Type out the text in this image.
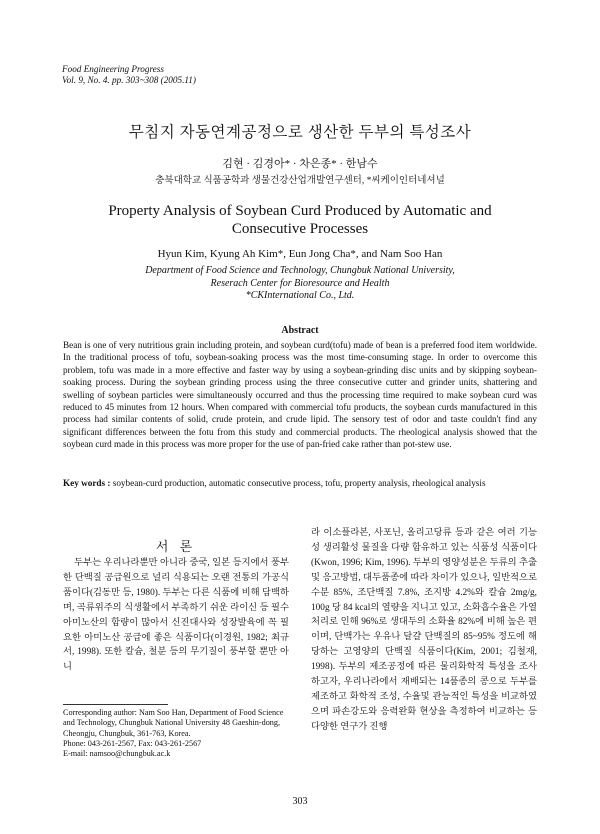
Food Engineering Progress
Vol. 9, No. 4. pp. 303~308 (2005.11)
무침지 자동연계공정으로 생산한 두부의 특성조사
김현 · 김경아* · 차은종* · 한남수
충북대학교 식품공학과 생물건강산업개발연구센터, *씨케이인터네셔널
Property Analysis of Soybean Curd Produced by Automatic and Consecutive Processes
Hyun Kim, Kyung Ah Kim*, Eun Jong Cha*, and Nam Soo Han
Department of Food Science and Technology, Chungbuk National University,
Reserach Center for Bioresource and Health
*CKInternational Co., Ltd.
Abstract
Bean is one of very nutritious grain including protein, and soybean curd(tofu) made of bean is a preferred food item worldwide. In the traditional process of tofu, soybean-soaking process was the most time-consuming stage. In order to overcome this problem, tofu was made in a more effective and faster way by using a soybean-grinding disc units and by skipping soybean-soaking process. During the soybean grinding process using the three consecutive cutter and grinder units, shattering and swelling of soybean particles were simultaneously occurred and thus the processing time required to make soybean curd was reduced to 45 minutes from 12 hours. When compared with commercial tofu products, the soybean curds manufactured in this process had similar contents of solid, crude protein, and crude lipid. The sensory test of odor and taste couldn't find any significant differences between the fotu from this study and commercial products. The rheological analysis showed that the soybean curd made in this process was more proper for the use of pan-fried cake rather than pot-stew use.
Key words : soybean-curd production, automatic consecutive process, tofu, property analysis, rheological analysis
서 론
두부는 우리나라뿐만 아니라 중국, 일본 등지에서 풍부한 단백질 공급원으로 널리 식용되는 오랜 전통의 가공식품이다(김동만 등, 1980). 두부는 다른 식품에 비해 담백하며, 곡류위주의 식생활에서 부족하기 쉬운 라이신 등 필수아미노산의 함량이 많아서 신진대사와 성장발육에 꼭 필요한 아미노산 공급에 좋은 식품이다(이경원, 1982; 최규서, 1998). 또한 칼슘, 철분 등의 무기질이 풍부할 뿐만 아니
라 이소플라본, 사포닌, 올리고당류 등과 같은 여러 기능성 생리활성 물질을 다량 함유하고 있는 식품성 식품이다(Kwon, 1996; Kim, 1996). 두부의 영양성분은 두류의 추출 및 응고방법, 대두품종에 따라 차이가 있으나, 일반적으로 수분 85%, 조단백질 7.8%, 조지방 4.2%와 칼슘 2mg/g, 100g 당 84 kcal의 열량을 지니고 있고, 소화흡수율은 가열처리로 인해 96%로 생대두의 소화율 82%에 비해 높은 편이며, 단백가는 우유나 달걀 단백질의 85~95% 정도에 해당하는 고영양의 단백질 식품이다(Kim, 2001; 김철재, 1998). 두부의 제조공정에 따른 물리화학적 특성을 조사하고자, 우리나라에서 재배되는 14품종의 콩으로 두부를 제조하고 화학적 조성, 수율및 관능적인 특성을 비교하였으며 파손강도와 응력완화 현상을 측정하여 비교하는 등 다양한 연구가 진행
Corresponding author: Nam Soo Han, Department of Food Science and Technology, Chungbuk National University 48 Gaeshin-dong, Cheongju, Chungbuk, 361-763, Korea.
Phone: 043-261-2567, Fax: 043-261-2567
E-mail: namsoo@chungbuk.ac.k
303
